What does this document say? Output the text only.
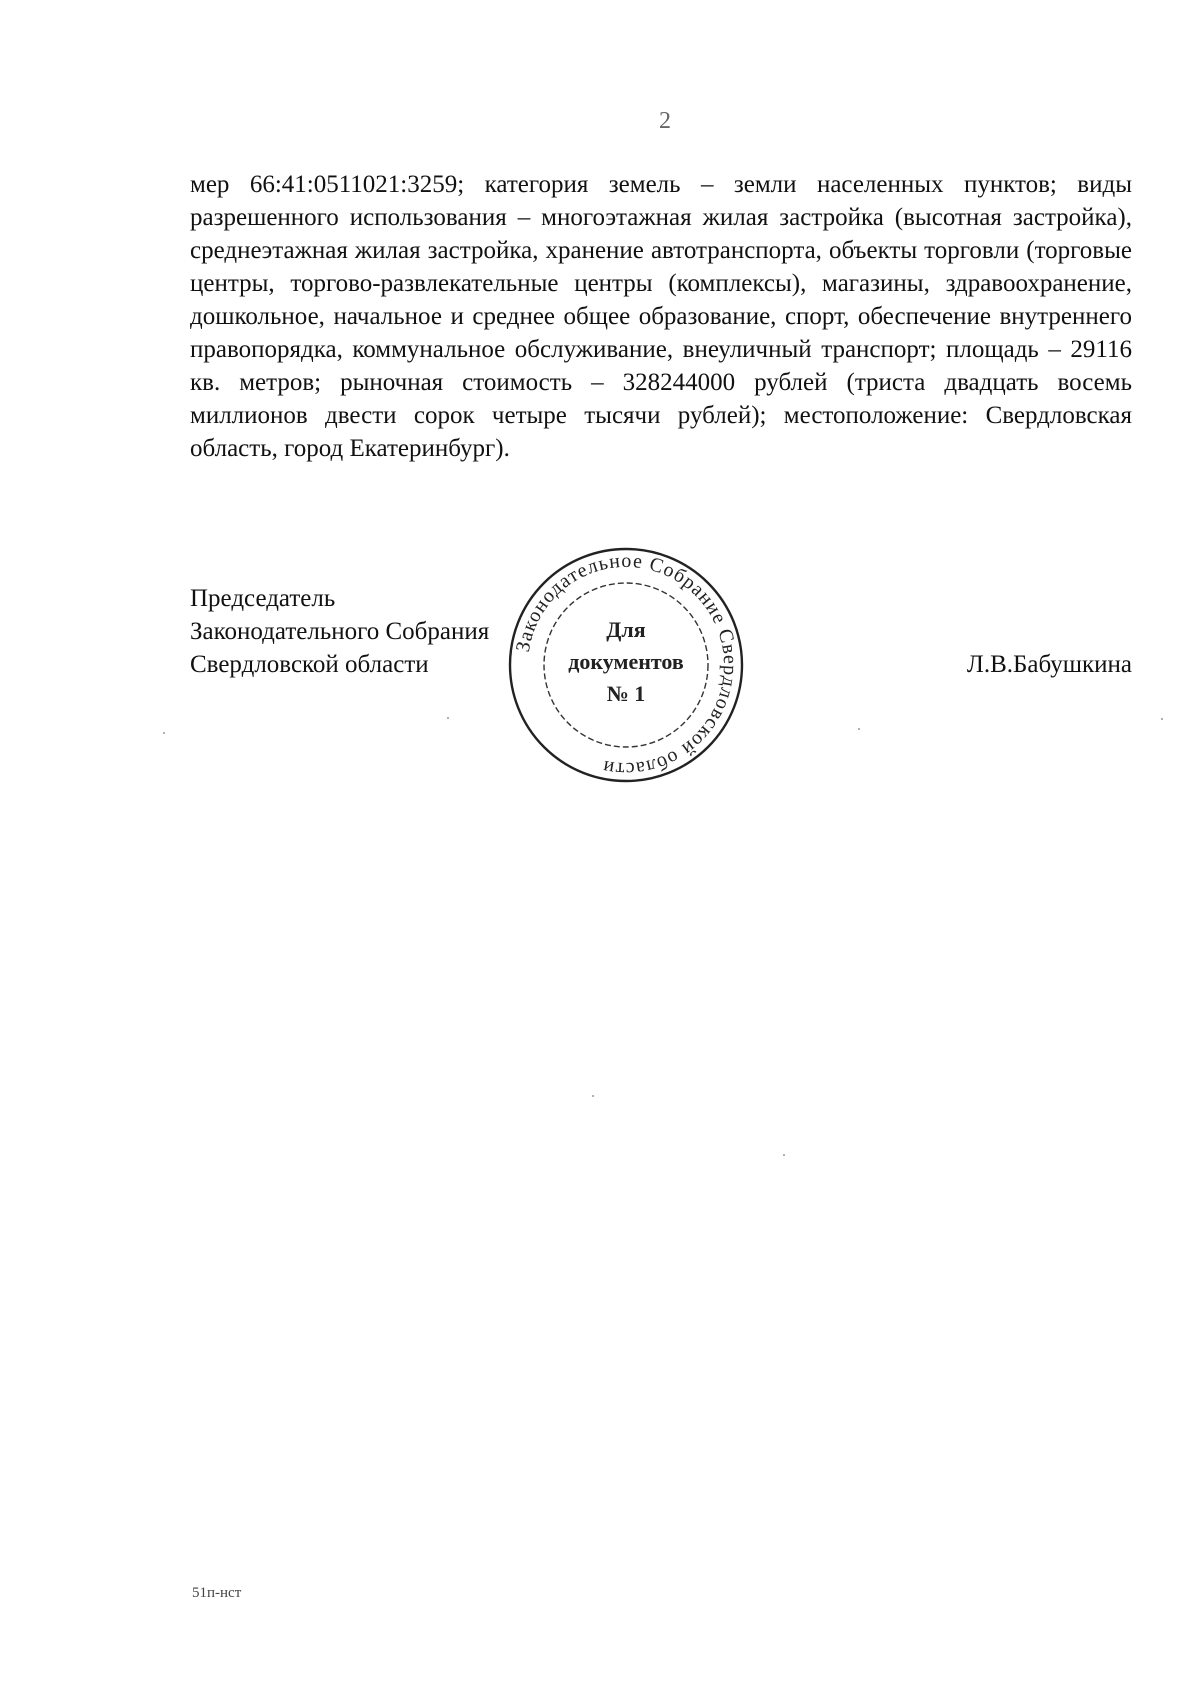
2

мер 66:41:0511021:3259; категория земель – земли населенных пунктов; виды разрешенного использования – многоэтажная жилая застройка (высотная застройка), среднеэтажная жилая застройка, хранение автотранспорта, объекты торговли (торговые центры, торгово-развлекательные центры (комплексы), магазины, здравоохранение, дошкольное, начальное и среднее общее образование, спорт, обеспечение внутреннего правопорядка, коммунальное обслуживание, внеуличный транспорт; площадь – 29116 кв. метров; рыночная стоимость – 328244000 рублей (триста двадцать восемь миллионов двести сорок четыре тысячи рублей); местоположение: Свердловская область, город Екатеринбург).

Председатель
Законодательного Собрания
Свердловской области	Л.В.Бабушкина
Законодательное Собрание Свердловской области
Для
документов
№ 1
51п-нст
